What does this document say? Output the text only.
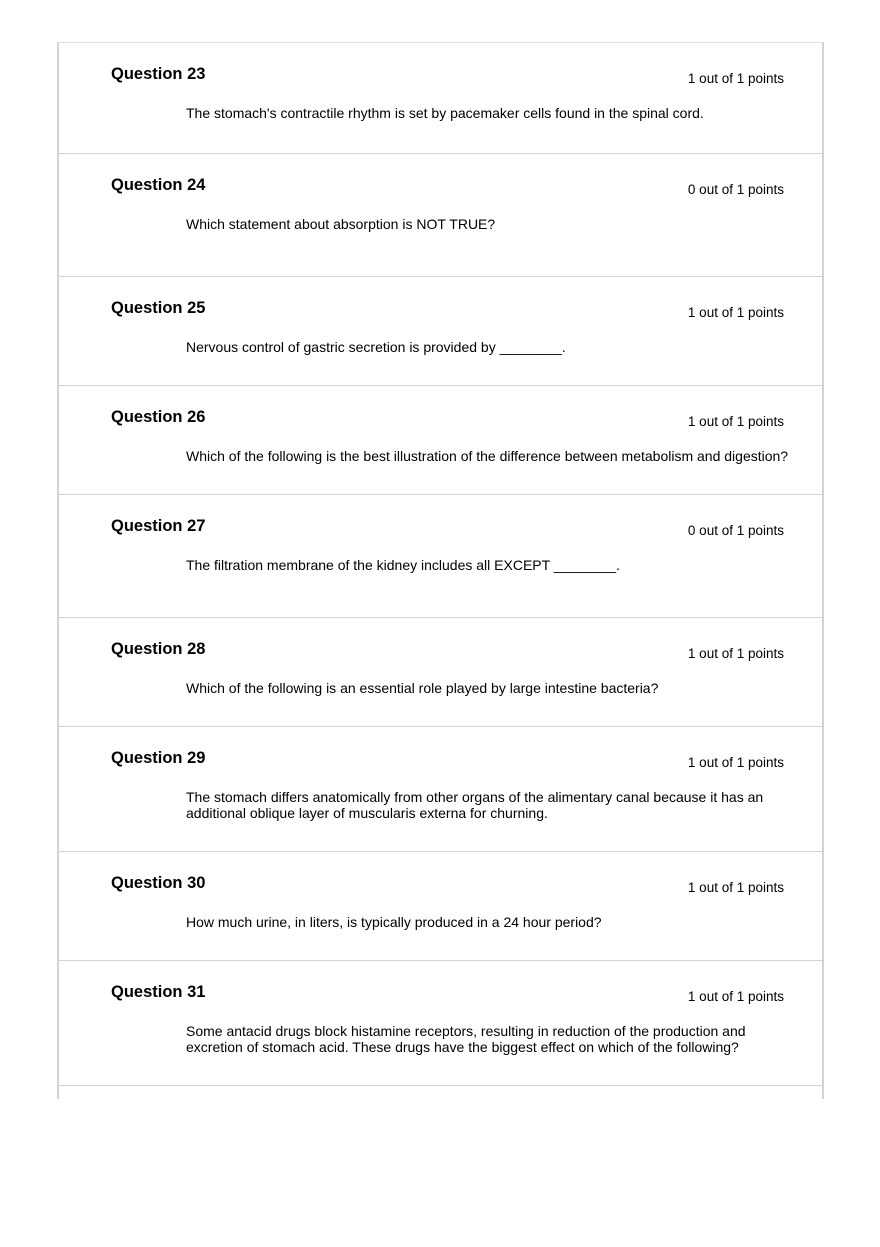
Question 23	1 out of 1 points

The stomach's contractile rhythm is set by pacemaker cells found in the spinal cord.

Question 24	0 out of 1 points

Which statement about absorption is NOT TRUE?

Question 25	1 out of 1 points

Nervous control of gastric secretion is provided by ________.

Question 26	1 out of 1 points

Which of the following is the best illustration of the difference between metabolism and digestion?

Question 27	0 out of 1 points

The filtration membrane of the kidney includes all EXCEPT ________.

Question 28	1 out of 1 points

Which of the following is an essential role played by large intestine bacteria?

Question 29	1 out of 1 points

The stomach differs anatomically from other organs of the alimentary canal because it has an additional oblique layer of muscularis externa for churning.

Question 30	1 out of 1 points

How much urine, in liters, is typically produced in a 24 hour period?

Question 31	1 out of 1 points

Some antacid drugs block histamine receptors, resulting in reduction of the production and excretion of stomach acid. These drugs have the biggest effect on which of the following?
